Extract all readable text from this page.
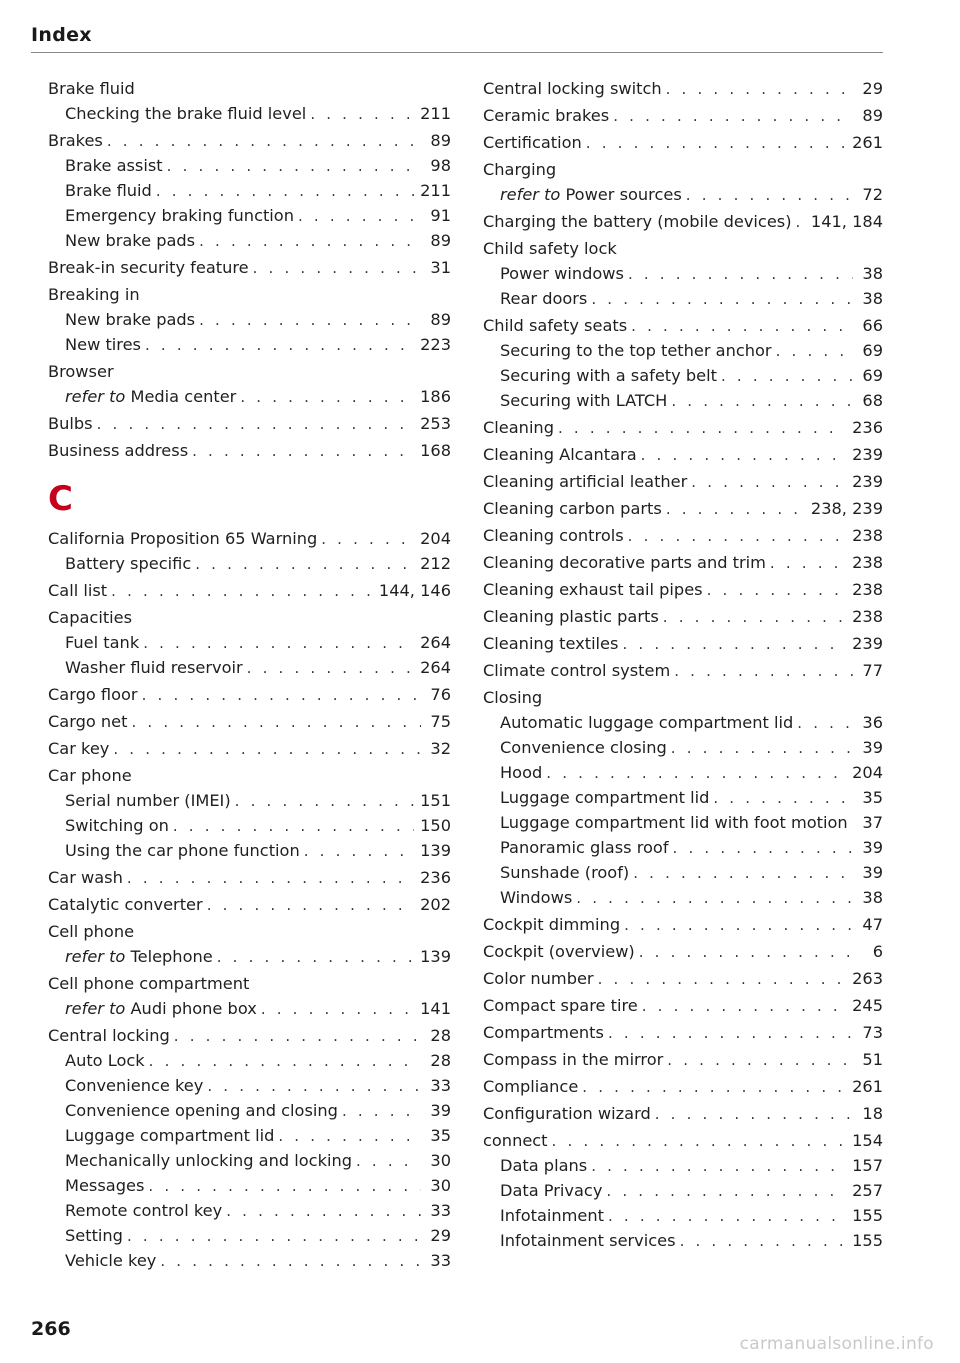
Index
Brake fluid
Checking the brake fluid level . . .	211
Brakes . . .	89
Brake assist . . .	98
Brake fluid . . .	211
Emergency braking function . . .	91
New brake pads . . .	89
Break-in security feature . . .	31
Breaking in
New brake pads . . .	89
New tires . . .	223
Browser
refer to Media center . . .	186
Bulbs . . .	253
Business address . . .	168
C
California Proposition 65 Warning . . .	204
Battery specific . . .	212
Call list . . .	144, 146
Capacities
Fuel tank . . .	264
Washer fluid reservoir . . .	264
Cargo floor . . .	76
Cargo net . . .	75
Car key . . .	32
Car phone
Serial number (IMEI) . . .	151
Switching on . . .	150
Using the car phone function . . .	139
Car wash . . .	236
Catalytic converter . . .	202
Cell phone
refer to Telephone . . .	139
Cell phone compartment
refer to Audi phone box . . .	141
Central locking . . .	28
Auto Lock . . .	28
Convenience key . . .	33
Convenience opening and closing . . .	39
Luggage compartment lid . . .	35
Mechanically unlocking and locking . . .	30
Messages . . .	30
Remote control key . . .	33
Setting . . .	29
Vehicle key . . .	33
Central locking switch . . .	29
Ceramic brakes . . .	89
Certification . . .	261
Charging
refer to Power sources . . .	72
Charging the battery (mobile devices) . . . 141, 184
Child safety lock
Power windows . . .	38
Rear doors . . .	38
Child safety seats . . .	66
Securing to the top tether anchor . . .	69
Securing with a safety belt . . .	69
Securing with LATCH . . .	68
Cleaning . . .	236
Cleaning Alcantara . . .	239
Cleaning artificial leather . . .	239
Cleaning carbon parts . . .	238, 239
Cleaning controls . . .	238
Cleaning decorative parts and trim . . .	238
Cleaning exhaust tail pipes . . .	238
Cleaning plastic parts . . .	238
Cleaning textiles . . .	239
Climate control system . . .	77
Closing
Automatic luggage compartment lid . . .	36
Convenience closing . . .	39
Hood . . .	204
Luggage compartment lid . . .	35
Luggage compartment lid with foot motion . . . 37
Panoramic glass roof . . .	39
Sunshade (roof) . . .	39
Windows . . .	38
Cockpit dimming . . .	47
Cockpit (overview) . . .	6
Color number . . .	263
Compact spare tire . . .	245
Compartments . . .	73
Compass in the mirror . . .	51
Compliance . . .	261
Configuration wizard . . .	18
connect . . .	154
Data plans . . .	157
Data Privacy . . .	257
Infotainment . . .	155
Infotainment services . . .	155
266
carmanualsonline.info
